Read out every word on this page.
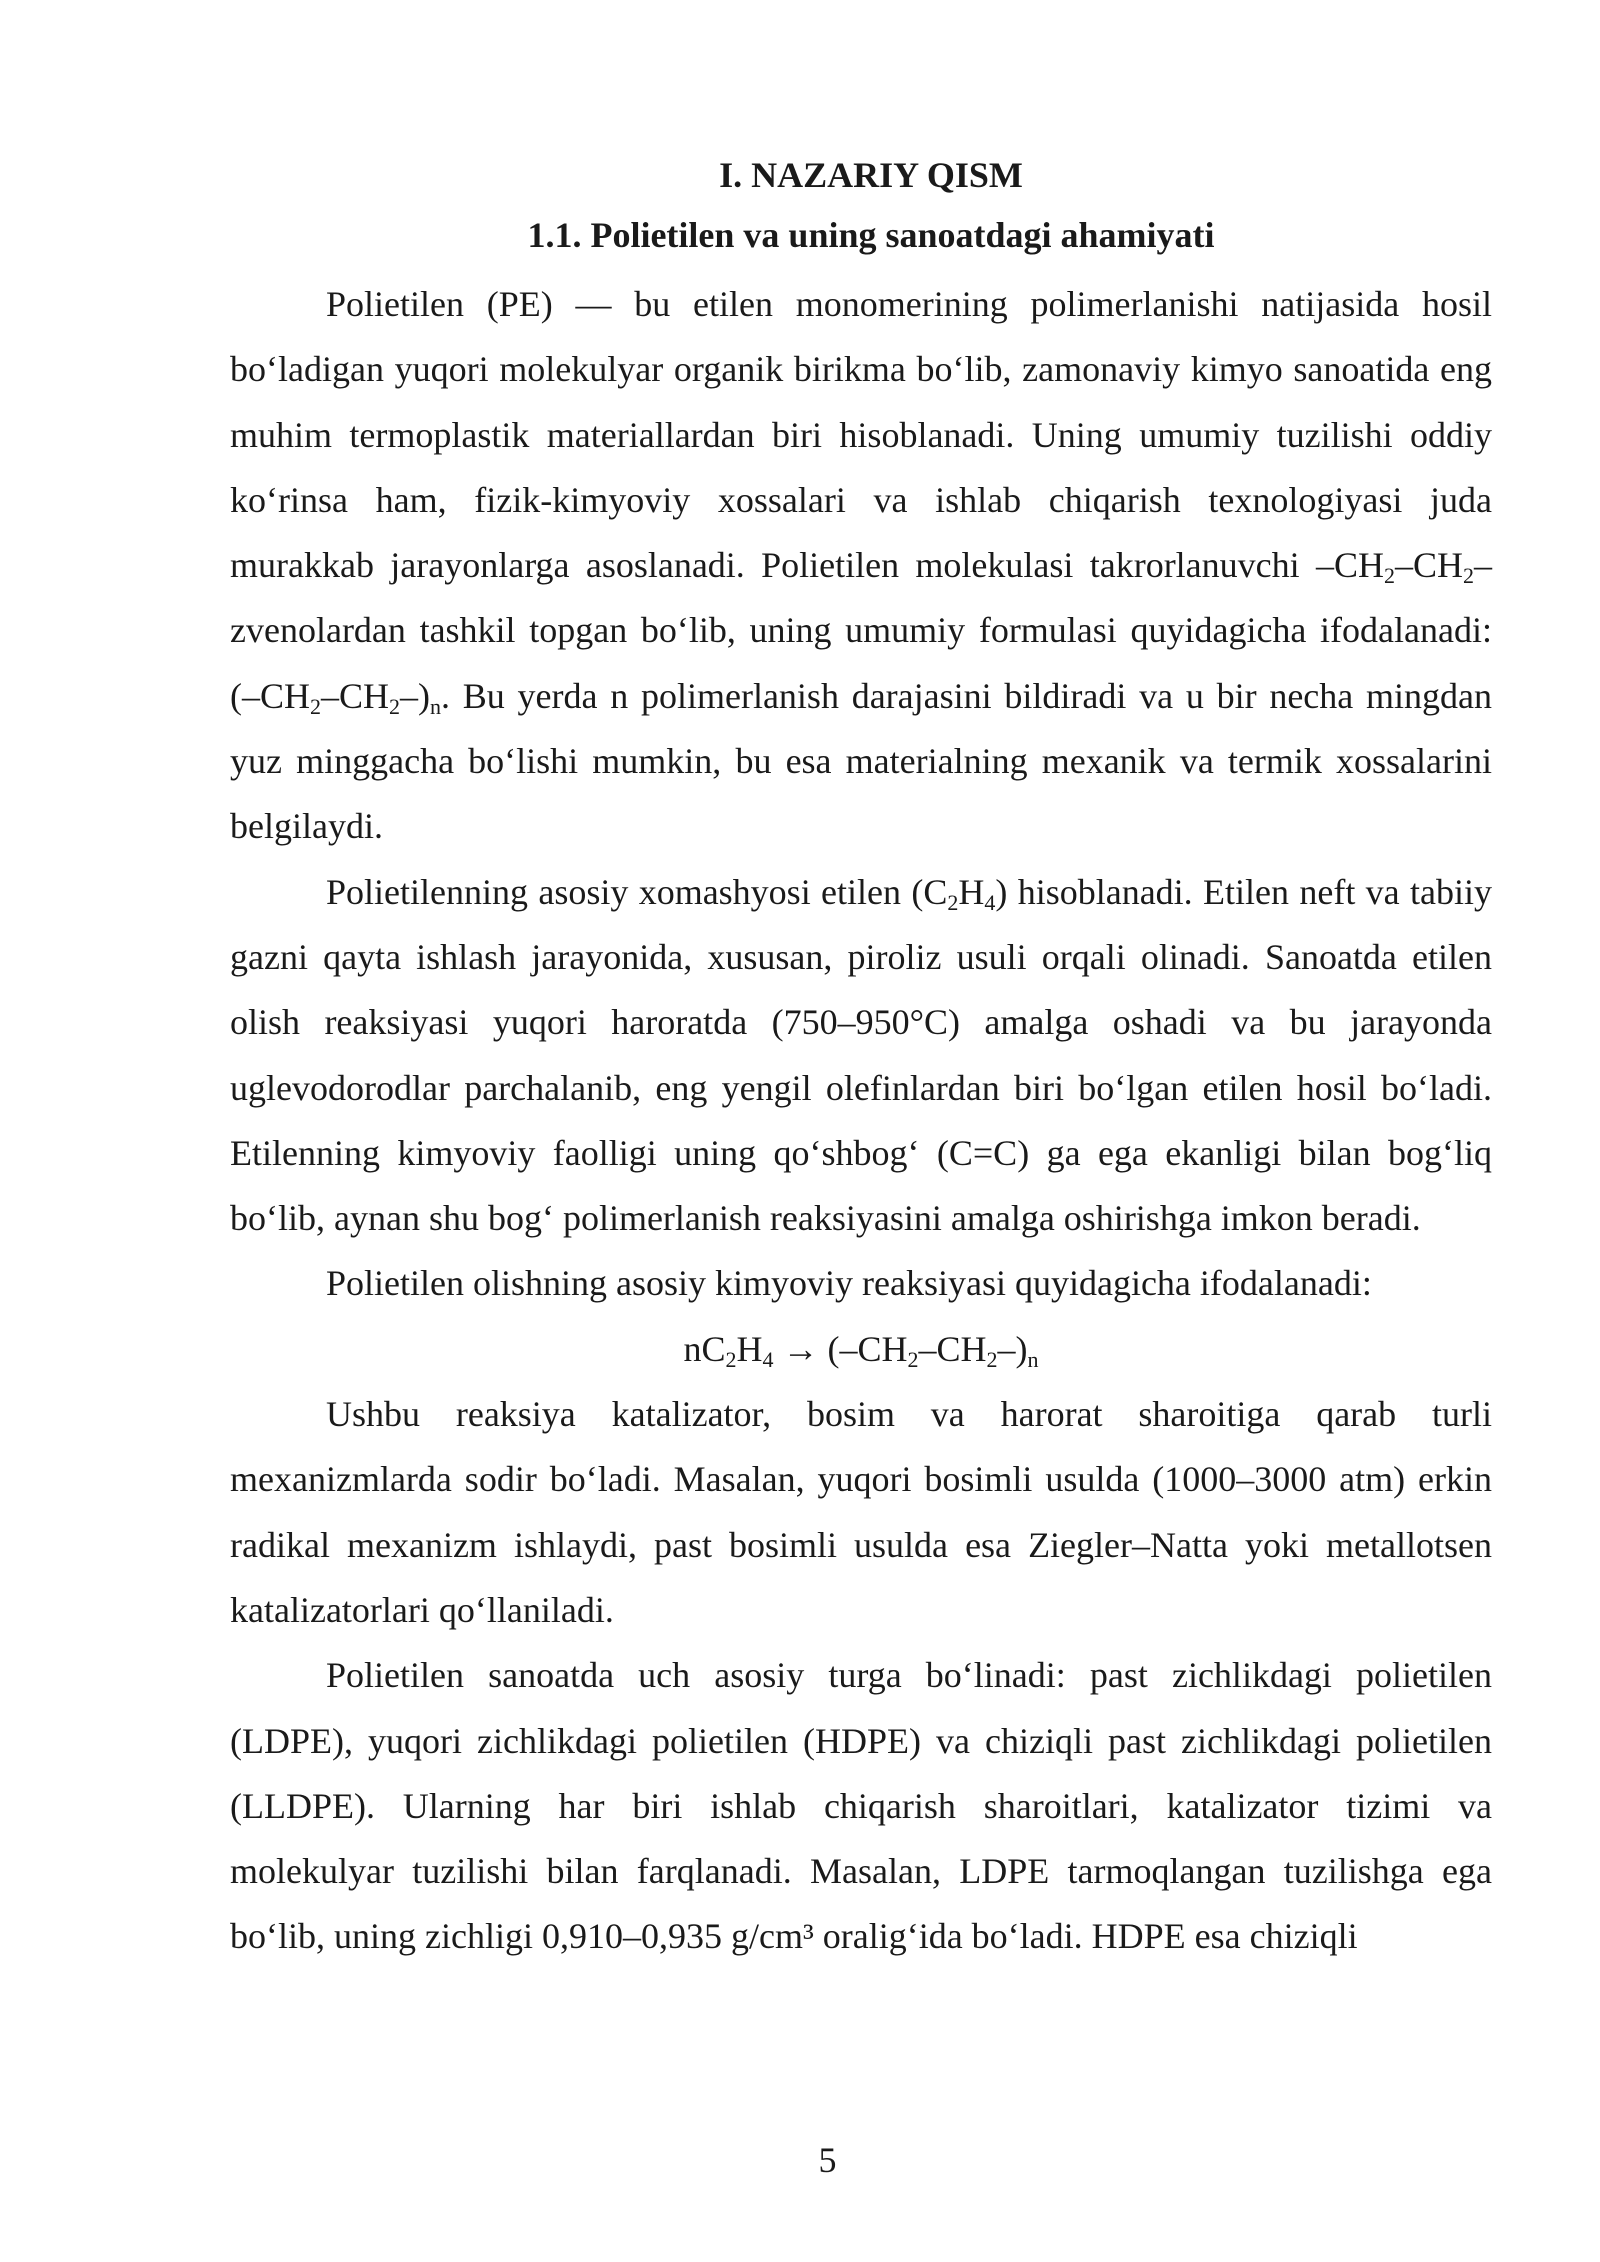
I. NAZARIY QISM
1.1. Polietilen va uning sanoatdagi ahamiyati

Polietilen (PE) — bu etilen monomerining polimerlanishi natijasida hosil bo‘ladigan yuqori molekulyar organik birikma bo‘lib, zamonaviy kimyo sanoatida eng muhim termoplastik materiallardan biri hisoblanadi. Uning umumiy tuzilishi oddiy ko‘rinsa ham, fizik-kimyoviy xossalari va ishlab chiqarish texnologiyasi juda murakkab jarayonlarga asoslanadi. Polietilen molekulasi takrorlanuvchi $-CH_2-CH_2-$ zvenolardan tashkil topgan bo‘lib, uning umumiy formulasi quyidagicha ifodalanadi: $(-CH_2-CH_2-)_n$. Bu yerda n polimerlanish darajasini bildiradi va u bir necha mingdan yuz minggacha bo‘lishi mumkin, bu esa materialning mexanik va termik xossalarini belgilaydi.

Polietilenning asosiy xomashyosi etilen $(C_2H_4)$ hisoblanadi. Etilen neft va tabiiy gazni qayta ishlash jarayonida, xususan, piroliz usuli orqali olinadi. Sanoatda etilen olish reaksiyasi yuqori haroratda (750–950°C) amalga oshadi va bu jarayonda uglevodorodlar parchalanib, eng yengil olefinlardan biri bo‘lgan etilen hosil bo‘ladi. Etilenning kimyoviy faolligi uning qo‘shbog‘ (C=C) ga ega ekanligi bilan bog‘liq bo‘lib, aynan shu bog‘ polimerlanish reaksiyasini amalga oshirishga imkon beradi.

Polietilen olishning asosiy kimyoviy reaksiyasi quyidagicha ifodalanadi:

$nC_2H_4 \to (-CH_2-CH_2-)_n$

Ushbu reaksiya katalizator, bosim va harorat sharoitiga qarab turli mexanizmlarda sodir bo‘ladi. Masalan, yuqori bosimli usulda (1000–3000 atm) erkin radikal mexanizm ishlaydi, past bosimli usulda esa Ziegler–Natta yoki metallotsen katalizatorlari qo‘llaniladi.

Polietilen sanoatda uch asosiy turga bo‘linadi: past zichlikdagi polietilen (LDPE), yuqori zichlikdagi polietilen (HDPE) va chiziqli past zichlikdagi polietilen (LLDPE). Ularning har biri ishlab chiqarish sharoitlari, katalizator tizimi va molekulyar tuzilishi bilan farqlanadi. Masalan, LDPE tarmoqlangan tuzilishga ega bo‘lib, uning zichligi 0,910–0,935 g/cm³ oralig‘ida bo‘ladi. HDPE esa chiziqli

5
